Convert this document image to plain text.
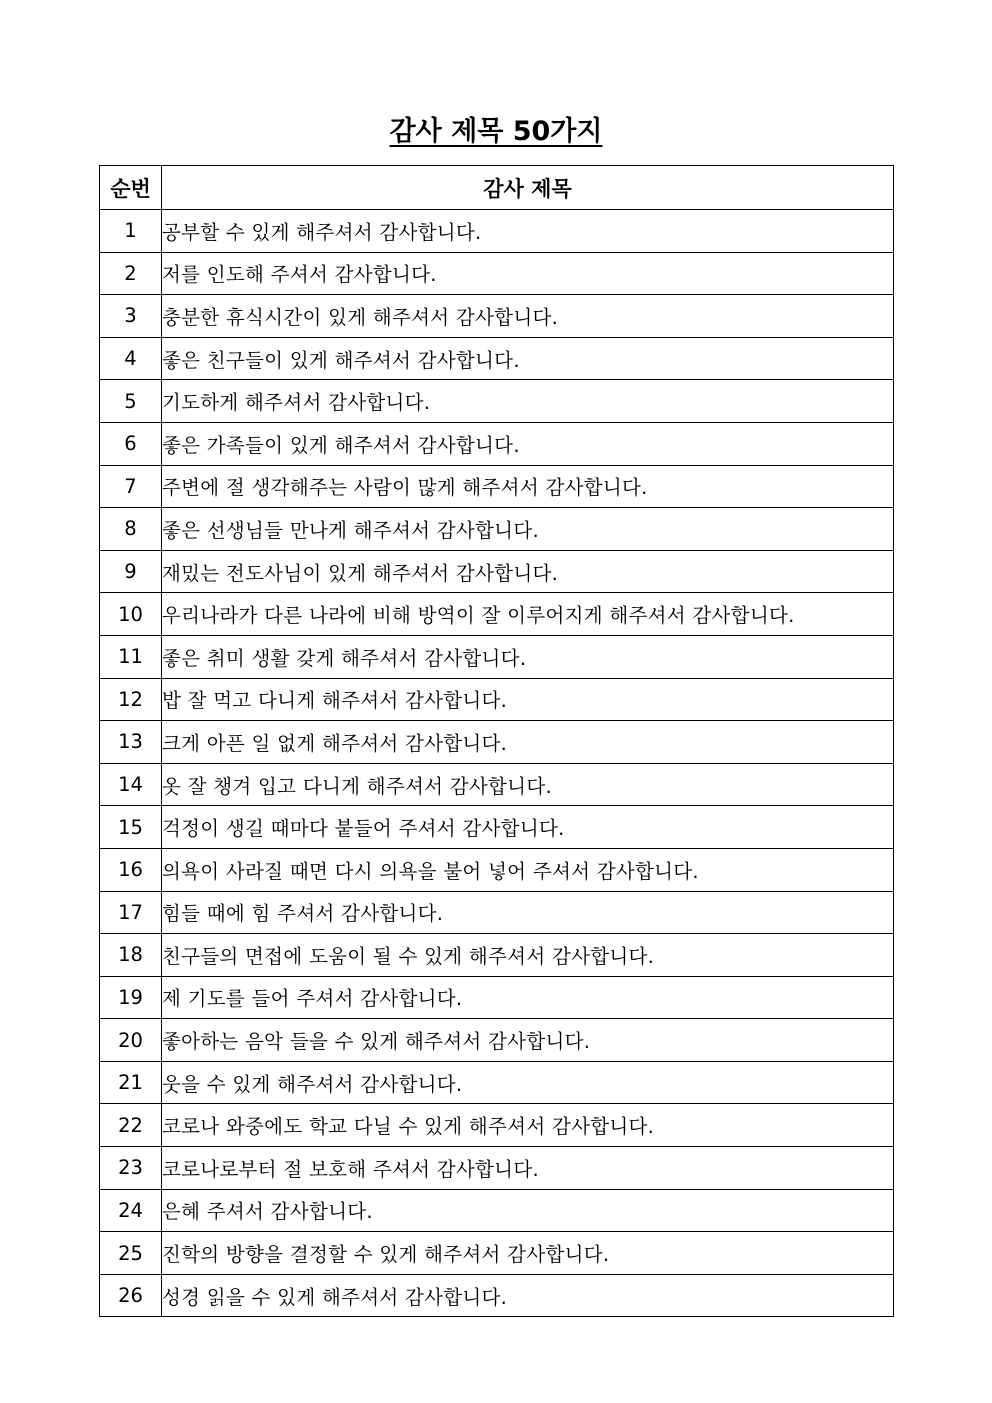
감사 제목 50가지
순번	감사 제목
1	공부할 수 있게 해주셔서 감사합니다.
2	저를 인도해 주셔서 감사합니다.
3	충분한 휴식시간이 있게 해주셔서 감사합니다.
4	좋은 친구들이 있게 해주셔서 감사합니다.
5	기도하게 해주셔서 감사합니다.
6	좋은 가족들이 있게 해주셔서 감사합니다.
7	주변에 절 생각해주는 사람이 많게 해주셔서 감사합니다.
8	좋은 선생님들 만나게 해주셔서 감사합니다.
9	재밌는 전도사님이 있게 해주셔서 감사합니다.
10	우리나라가 다른 나라에 비해 방역이 잘 이루어지게 해주셔서 감사합니다.
11	좋은 취미 생활 갖게 해주셔서 감사합니다.
12	밥 잘 먹고 다니게 해주셔서 감사합니다.
13	크게 아픈 일 없게 해주셔서 감사합니다.
14	옷 잘 챙겨 입고 다니게 해주셔서 감사합니다.
15	걱정이 생길 때마다 붙들어 주셔서 감사합니다.
16	의욕이 사라질 때면 다시 의욕을 불어 넣어 주셔서 감사합니다.
17	힘들 때에 힘 주셔서 감사합니다.
18	친구들의 면접에 도움이 될 수 있게 해주셔서 감사합니다.
19	제 기도를 들어 주셔서 감사합니다.
20	좋아하는 음악 들을 수 있게 해주셔서 감사합니다.
21	웃을 수 있게 해주셔서 감사합니다.
22	코로나 와중에도 학교 다닐 수 있게 해주셔서 감사합니다.
23	코로나로부터 절 보호해 주셔서 감사합니다.
24	은혜 주셔서 감사합니다.
25	진학의 방향을 결정할 수 있게 해주셔서 감사합니다.
26	성경 읽을 수 있게 해주셔서 감사합니다.
